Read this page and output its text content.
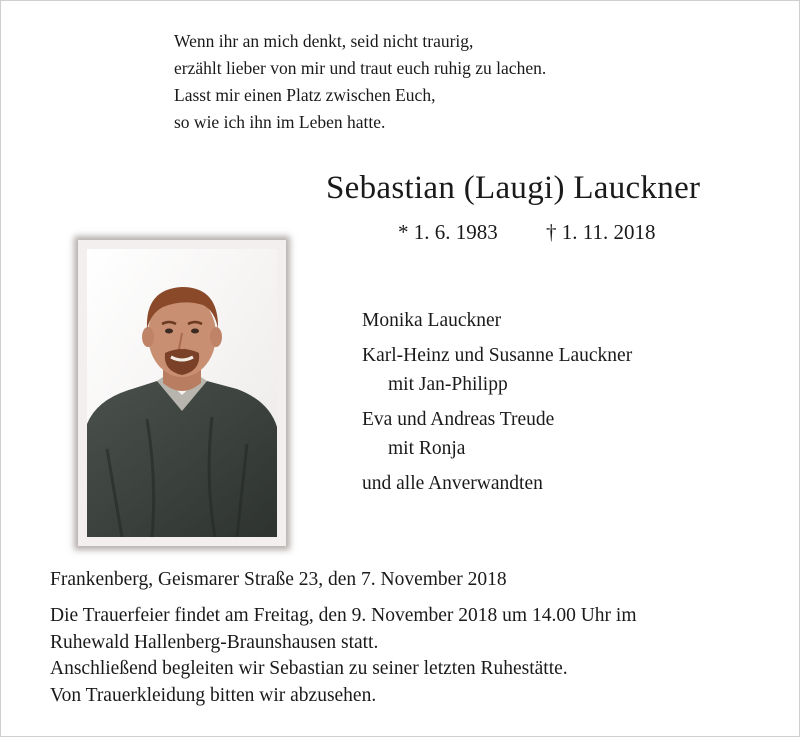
Wenn ihr an mich denkt, seid nicht traurig,
erzählt lieber von mir und traut euch ruhig zu lachen.
Lasst mir einen Platz zwischen Euch,
so wie ich ihn im Leben hatte.
Sebastian (Laugi) Lauckner
* 1. 6. 1983 † 1. 11. 2018
Monika Lauckner
Karl-Heinz und Susanne Lauckner
mit Jan-Philipp
Eva und Andreas Treude
mit Ronja
und alle Anverwandten
Frankenberg, Geismarer Straße 23, den 7. November 2018
Die Trauerfeier findet am Freitag, den 9. November 2018 um 14.00 Uhr im
Ruhewald Hallenberg-Braunshausen statt.
Anschließend begleiten wir Sebastian zu seiner letzten Ruhestätte.
Von Trauerkleidung bitten wir abzusehen.
